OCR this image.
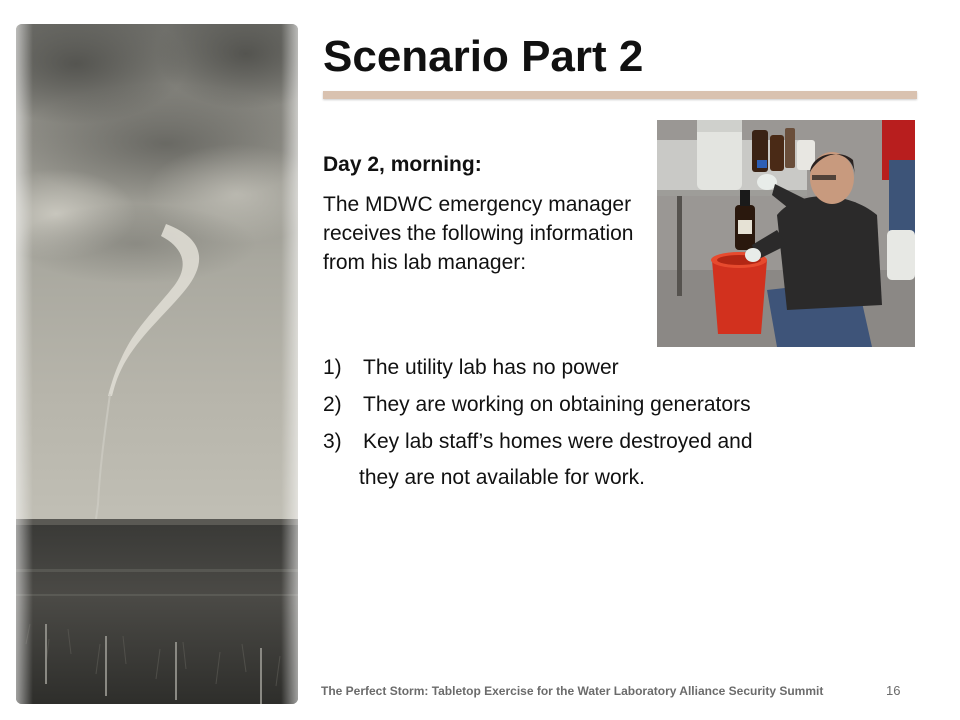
Scenario Part 2
Day 2, morning:
The MDWC emergency manager receives the following information from his lab manager:
1) The utility lab has no power
2) They are working on obtaining generators
3) Key lab staff’s homes were destroyed and
they are not available for work.
The Perfect Storm: Tabletop Exercise for the Water Laboratory Alliance Security Summit	16
